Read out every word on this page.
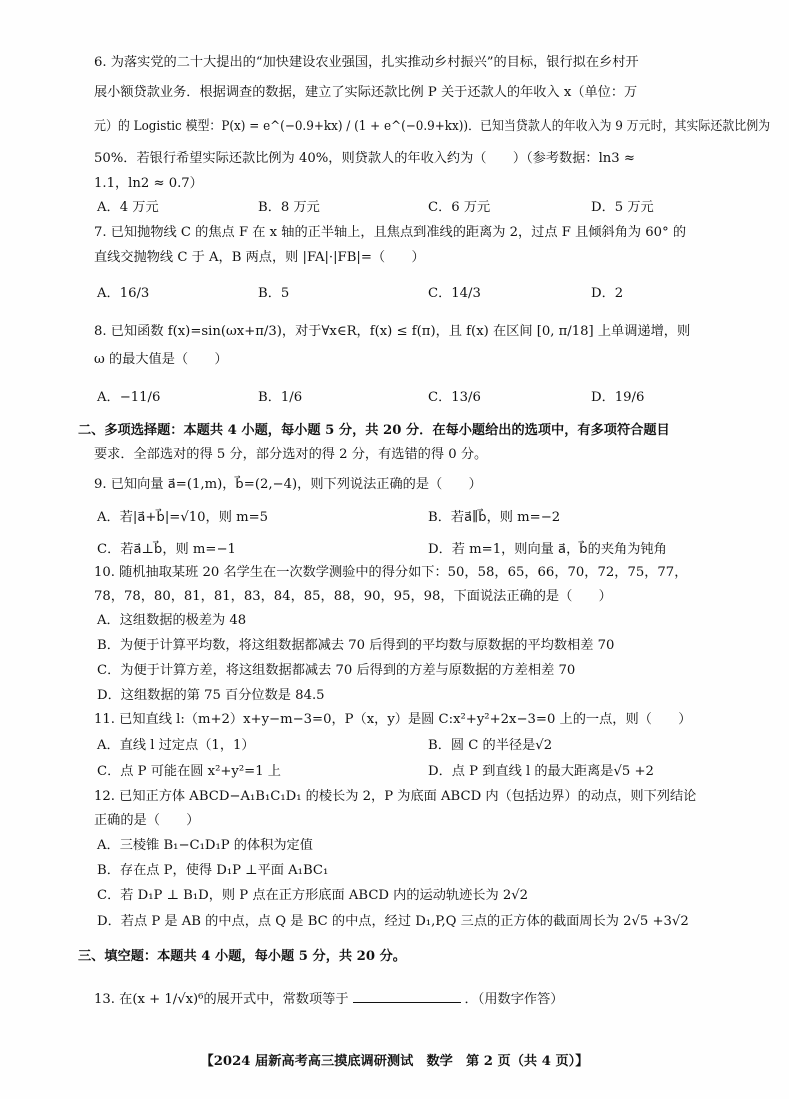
6. 为落实党的二十大提出的“加快建设农业强国，扎实推动乡村振兴”的目标，银行拟在乡村开
展小额贷款业务．根据调查的数据，建立了实际还款比例 P 关于还款人的年收入 x（单位：万
元）的 Logistic 模型：P(x) = e^(−0.9+kx) / (1 + e^(−0.9+kx))．已知当贷款人的年收入为 9 万元时，其实际还款比例为
50%．若银行希望实际还款比例为 40%，则贷款人的年收入约为（　　）（参考数据：ln3 ≈
1.1，ln2 ≈ 0.7）
A．4 万元	B．8 万元	C．6 万元	D．5 万元
7. 已知抛物线 C 的焦点 F 在 x 轴的正半轴上，且焦点到准线的距离为 2，过点 F 且倾斜角为 60° 的
直线交抛物线 C 于 A，B 两点，则 |FA|·|FB|=（　　）
A．16/3	B．5	C．14/3	D．2
8. 已知函数 f(x)=sin(ωx+π/3)，对于∀x∈R，f(x) ≤ f(π)，且 f(x) 在区间 [0, π/18] 上单调递增，则
ω 的最大值是（　　）
A．−11/6	B．1/6	C．13/6	D．19/6
二、多项选择题：本题共 4 小题，每小题 5 分，共 20 分．在每小题给出的选项中，有多项符合题目
要求．全部选对的得 5 分，部分选对的得 2 分，有选错的得 0 分。
9. 已知向量 a⃗=(1,m)，b⃗=(2,−4)，则下列说法正确的是（　　）
A．若|a⃗+b⃗|=√10，则 m=5	B．若a⃗∥b⃗，则 m=−2
C．若a⃗⊥b⃗，则 m=−1	D．若 m=1，则向量 a⃗，b⃗的夹角为钝角
10. 随机抽取某班 20 名学生在一次数学测验中的得分如下：50，58，65，66，70，72，75，77，
78，78，80，81，81，83，84，85，88，90，95，98，下面说法正确的是（　　）
A．这组数据的极差为 48
B．为便于计算平均数，将这组数据都减去 70 后得到的平均数与原数据的平均数相差 70
C．为便于计算方差，将这组数据都减去 70 后得到的方差与原数据的方差相差 70
D．这组数据的第 75 百分位数是 84.5
11. 已知直线 l:（m+2）x+y−m−3=0，P（x，y）是圆 C:x²+y²+2x−3=0 上的一点，则（　　）
A．直线 l 过定点（1，1）	B．圆 C 的半径是√2
C．点 P 可能在圆 x²+y²=1 上	D．点 P 到直线 l 的最大距离是√5 +2
12. 已知正方体 ABCD−A₁B₁C₁D₁ 的棱长为 2，P 为底面 ABCD 内（包括边界）的动点，则下列结论
正确的是（　　）
A．三棱锥 B₁−C₁D₁P 的体积为定值
B．存在点 P，使得 D₁P ⊥平面 A₁BC₁
C．若 D₁P ⊥ B₁D，则 P 点在正方形底面 ABCD 内的运动轨迹长为 2√2
D．若点 P 是 AB 的中点，点 Q 是 BC 的中点，经过 D₁,P,Q 三点的正方体的截面周长为 2√5 +3√2
三、填空题：本题共 4 小题，每小题 5 分，共 20 分。
13. 在(x + 1/√x)⁶的展开式中，常数项等于	．（用数字作答）
【2024 届新高考高三摸底调研测试　数学　第 2 页（共 4 页）】
